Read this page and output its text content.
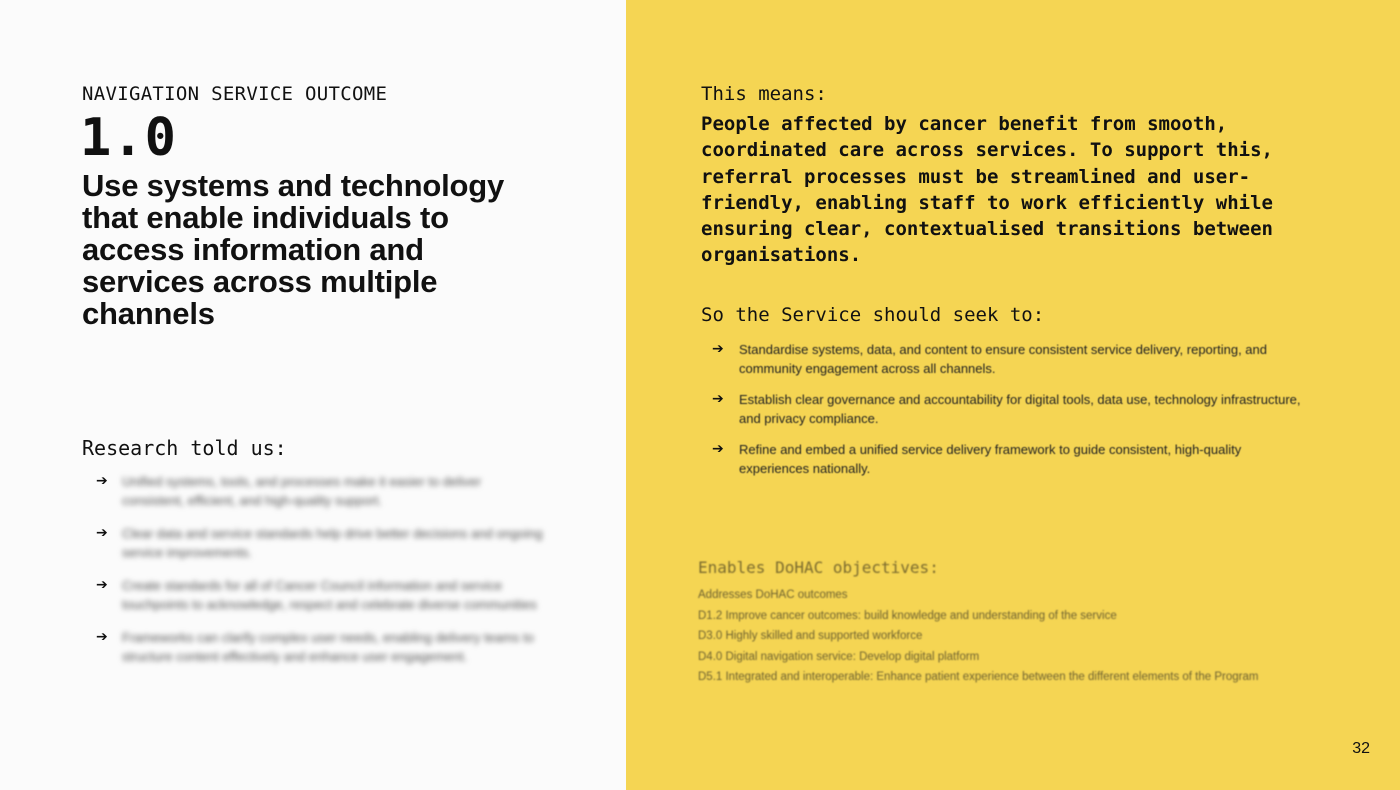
NAVIGATION SERVICE OUTCOME
1.0
Use systems and technology that enable individuals to access information and services across multiple channels
Research told us:
➔	Unified systems, tools, and processes make it easier to deliver consistent, efficient, and high-quality support.
➔	Clear data and service standards help drive better decisions and ongoing service improvements.
➔	Create standards for all of Cancer Council information and service touchpoints to acknowledge, respect and celebrate diverse communities
➔	Frameworks can clarify complex user needs, enabling delivery teams to structure content effectively and enhance user engagement.
This means:
People affected by cancer benefit from smooth, coordinated care across services. To support this, referral processes must be streamlined and user-friendly, enabling staff to work efficiently while ensuring clear, contextualised transitions between organisations.
So the Service should seek to:
➔	Standardise systems, data, and content to ensure consistent service delivery, reporting, and community engagement across all channels.
➔	Establish clear governance and accountability for digital tools, data use, technology infrastructure, and privacy compliance.
➔	Refine and embed a unified service delivery framework to guide consistent, high-quality experiences nationally.
Enables DoHAC objectives:
Addresses DoHAC outcomes
D1.2 Improve cancer outcomes: build knowledge and understanding of the service
D3.0 Highly skilled and supported workforce
D4.0 Digital navigation service: Develop digital platform
D5.1 Integrated and interoperable: Enhance patient experience between the different elements of the Program
32
